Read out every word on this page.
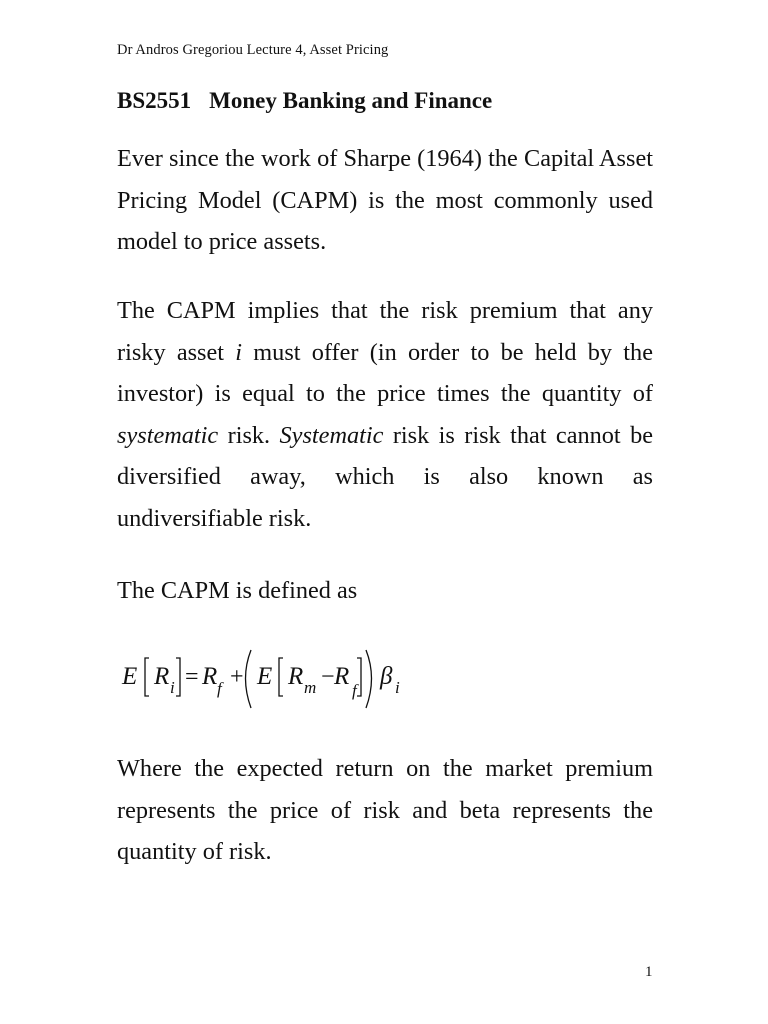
Dr Andros Gregoriou Lecture 4, Asset Pricing
BS2551 Money Banking and Finance

Ever since the work of Sharpe (1964) the Capital Asset Pricing Model (CAPM) is the most commonly used model to price assets.

The CAPM implies that the risk premium that any risky asset i must offer (in order to be held by the investor) is equal to the price times the quantity of systematic risk. Systematic risk is risk that cannot be diversified away, which is also known as undiversifiable risk.

The CAPM is defined as

E R i R f E R m R
f
β i
= +	−

Where the expected return on the market premium represents the price of risk and beta represents the quantity of risk.

1
